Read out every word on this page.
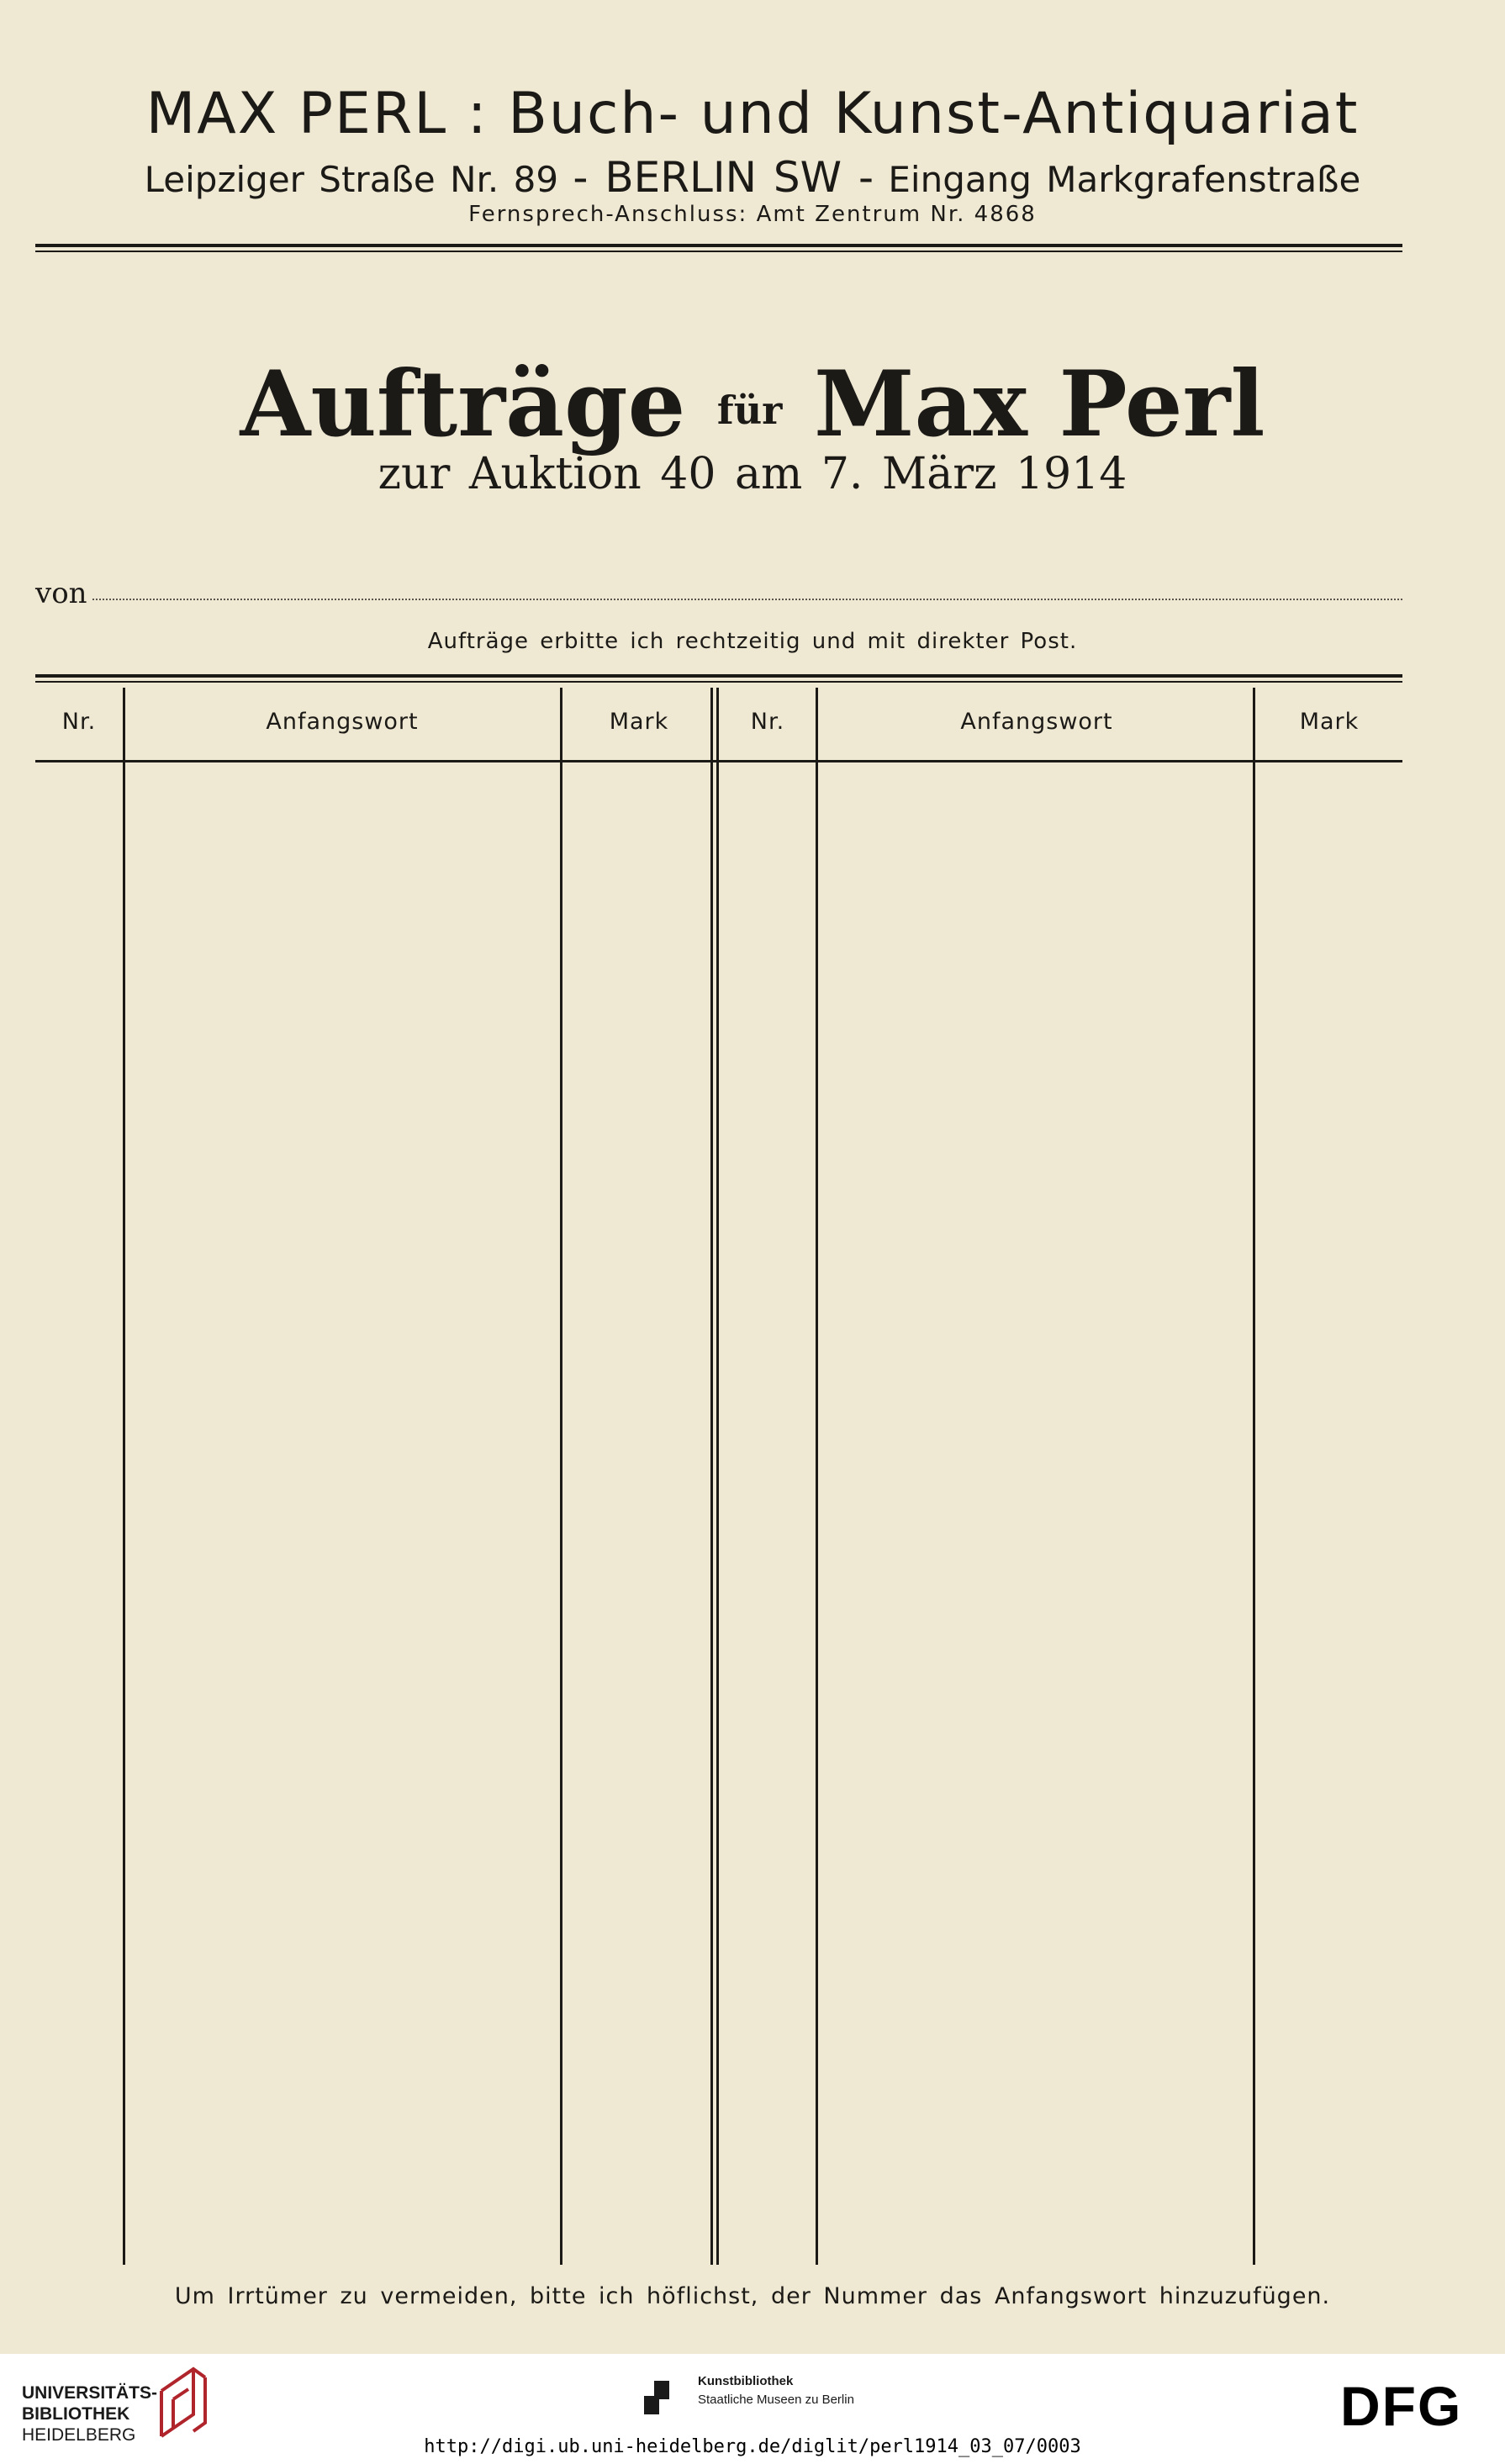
MAX PERL : Buch- und Kunst-Antiquariat
Leipziger Straße Nr. 89 - BERLIN SW - Eingang Markgrafenstraße
Fernsprech-Anschluss: Amt Zentrum Nr. 4868
Aufträge für Max Perl
zur Auktion 40 am 7. März 1914
von
Aufträge erbitte ich rechtzeitig und mit direkter Post.
Nr.	Anfangswort	Mark	Nr.	Anfangswort	Mark
Um Irrtümer zu vermeiden, bitte ich höflichst, der Nummer das Anfangswort hinzuzufügen.
UNIVERSITÄTS-
BIBLIOTHEK
HEIDELBERG
Kunstbibliothek
Staatliche Museen zu Berlin	DFG
http://digi.ub.uni-heidelberg.de/diglit/perl1914_03_07/0003
